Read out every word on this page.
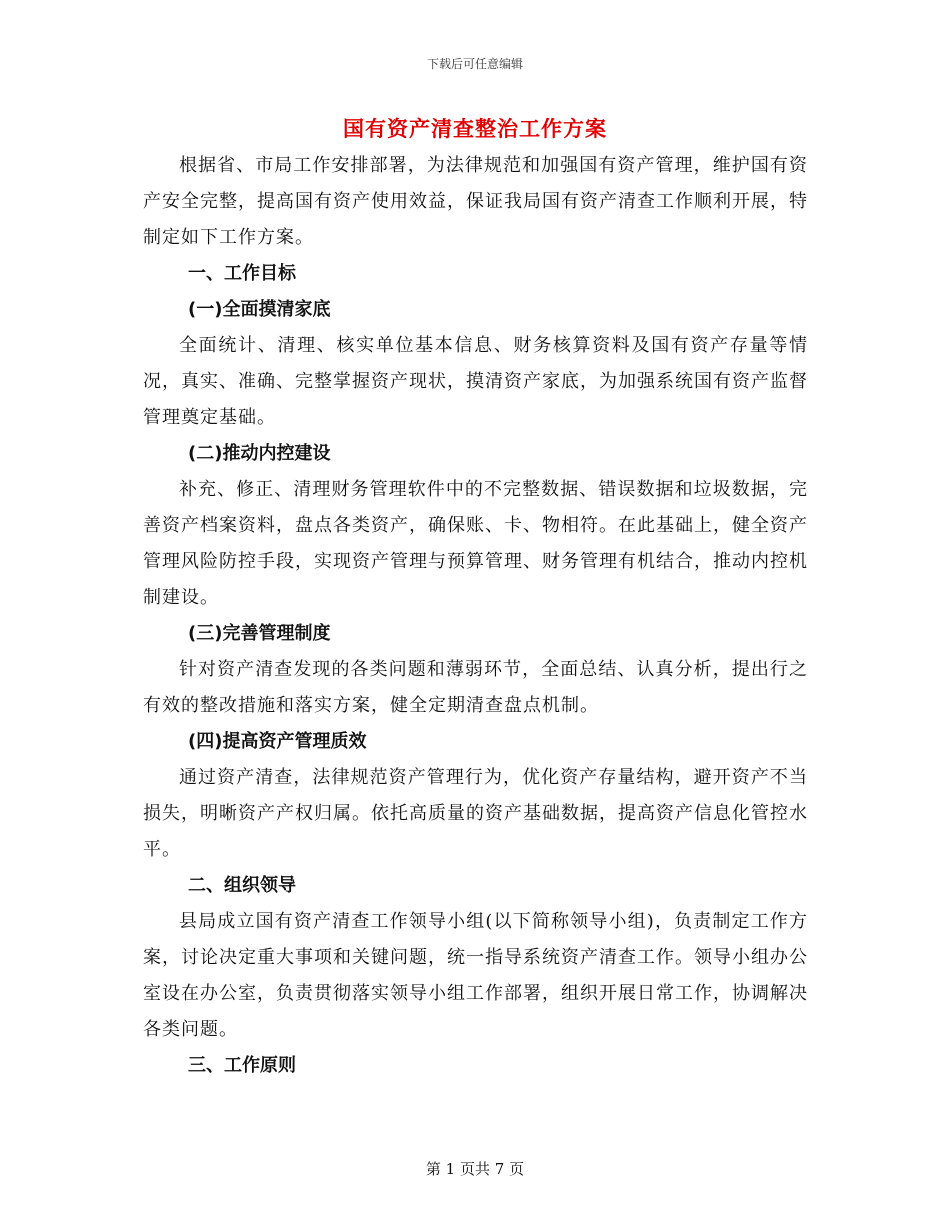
下载后可任意编辑
国有资产清查整治工作方案

根据省、市局工作安排部署，为法律规范和加强国有资产管理，维护国有资产安全完整，提高国有资产使用效益，保证我局国有资产清查工作顺利开展，特制定如下工作方案。

一、工作目标

(一)全面摸清家底

全面统计、清理、核实单位基本信息、财务核算资料及国有资产存量等情况，真实、准确、完整掌握资产现状，摸清资产家底，为加强系统国有资产监督管理奠定基础。

(二)推动内控建设

补充、修正、清理财务管理软件中的不完整数据、错误数据和垃圾数据，完善资产档案资料，盘点各类资产，确保账、卡、物相符。在此基础上，健全资产管理风险防控手段，实现资产管理与预算管理、财务管理有机结合，推动内控机制建设。

(三)完善管理制度

针对资产清查发现的各类问题和薄弱环节，全面总结、认真分析，提出行之有效的整改措施和落实方案，健全定期清查盘点机制。

(四)提高资产管理质效

通过资产清查，法律规范资产管理行为，优化资产存量结构，避开资产不当损失，明晰资产产权归属。依托高质量的资产基础数据，提高资产信息化管控水平。

二、组织领导

县局成立国有资产清查工作领导小组(以下简称领导小组)，负责制定工作方案，讨论决定重大事项和关键问题，统一指导系统资产清查工作。领导小组办公室设在办公室，负责贯彻落实领导小组工作部署，组织开展日常工作，协调解决各类问题。

三、工作原则

第 1 页共 7 页
